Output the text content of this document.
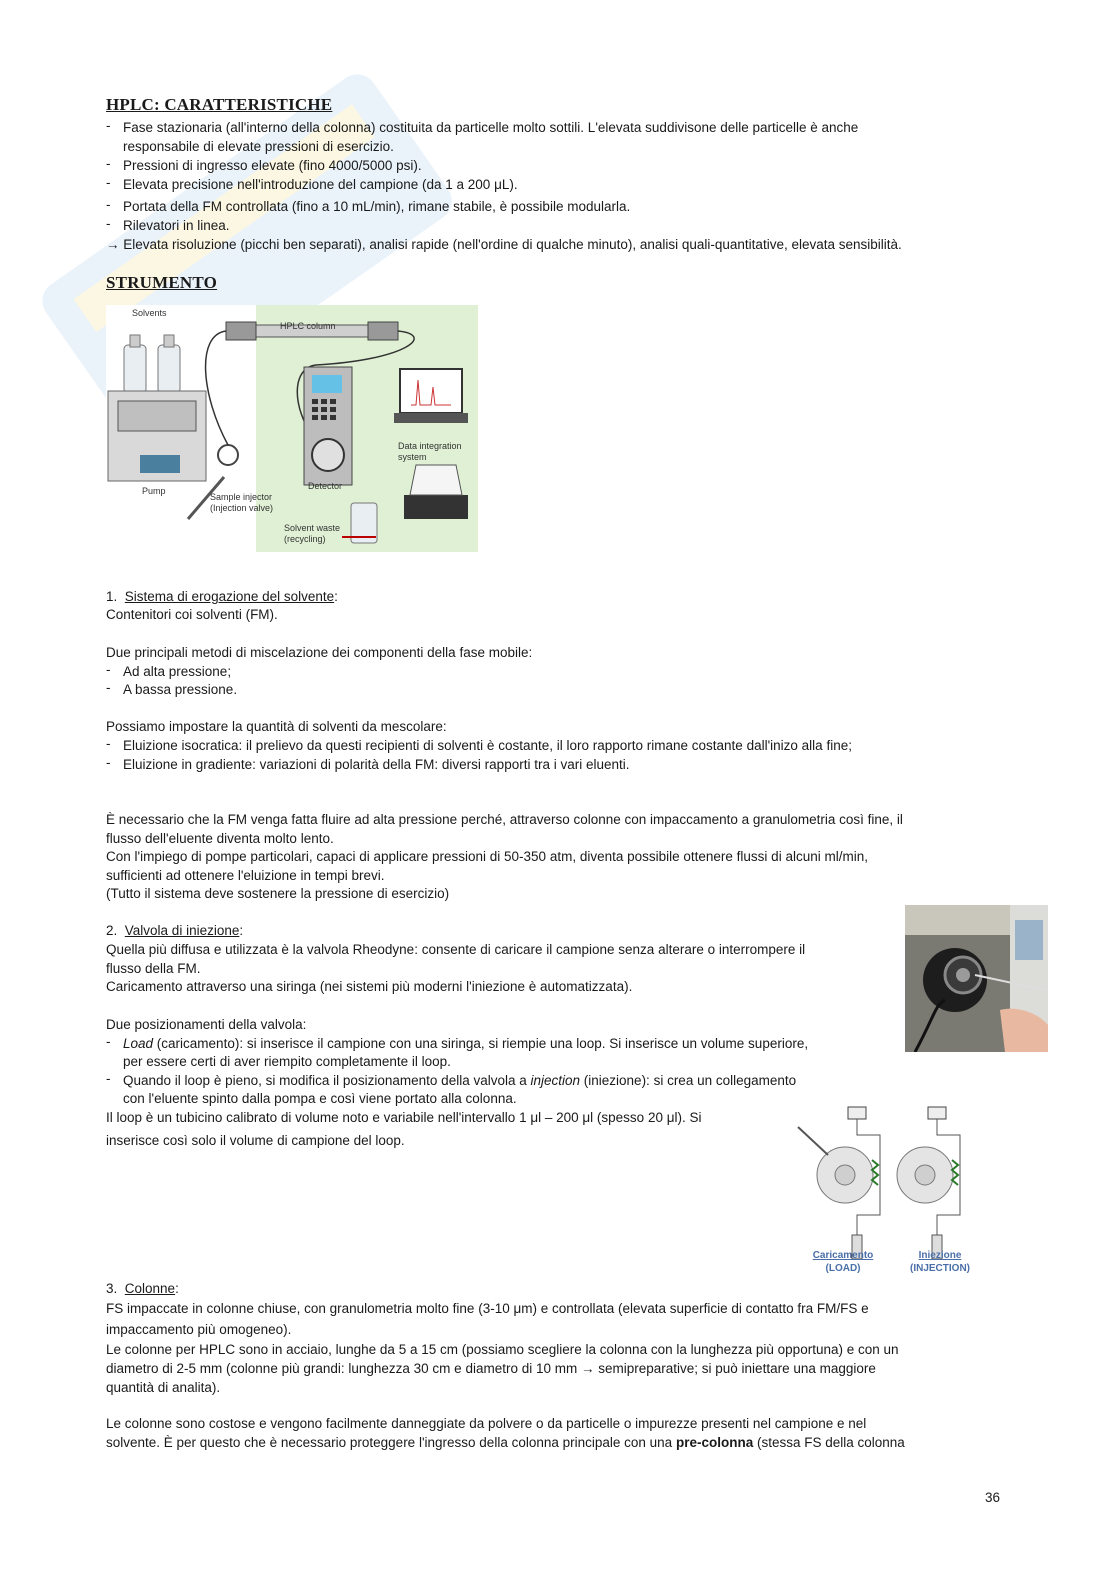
HPLC: CARATTERISTICHE
- Fase stazionaria (all'interno della colonna) costituita da particelle molto sottili. L'elevata suddivisone delle particelle è anche
responsabile di elevate pressioni di esercizio.
- Pressioni di ingresso elevate (fino 4000/5000 psi).
- Elevata precisione nell'introduzione del campione (da 1 a 200 μL).
- Portata della FM controllata (fino a 10 mL/min), rimane stabile, è possibile modularla.
- Rilevatori in linea.
→ Elevata risoluzione (picchi ben separati), analisi rapide (nell'ordine di qualche minuto), analisi quali-quantitative, elevata sensibilità.
STRUMENTO
Solvents
HPLC column
Pump
Sample injector
(Injection valve)
Detector
Solvent waste
(recycling)
Data integration
system
1. Sistema di erogazione del solvente:
Contenitori coi solventi (FM).
Due principali metodi di miscelazione dei componenti della fase mobile:
- Ad alta pressione;
- A bassa pressione.
Possiamo impostare la quantità di solventi da mescolare:
- Eluizione isocratica: il prelievo da questi recipienti di solventi è costante, il loro rapporto rimane costante dall'inizo alla fine;
- Eluizione in gradiente: variazioni di polarità della FM: diversi rapporti tra i vari eluenti.
È necessario che la FM venga fatta fluire ad alta pressione perché, attraverso colonne con impaccamento a granulometria così fine, il
flusso dell'eluente diventa molto lento.
Con l'impiego di pompe particolari, capaci di applicare pressioni di 50-350 atm, diventa possibile ottenere flussi di alcuni ml/min,
sufficienti ad ottenere l'eluizione in tempi brevi.
(Tutto il sistema deve sostenere la pressione di esercizio)
2. Valvola di iniezione:
Quella più diffusa e utilizzata è la valvola Rheodyne: consente di caricare il campione senza alterare o interrompere il
flusso della FM.
Caricamento attraverso una siringa (nei sistemi più moderni l'iniezione è automatizzata).
Due posizionamenti della valvola:
- Load (caricamento): si inserisce il campione con una siringa, si riempie una loop. Si inserisce un volume superiore,
per essere certi di aver riempito completamente il loop.
- Quando il loop è pieno, si modifica il posizionamento della valvola a injection (iniezione): si crea un collegamento
con l'eluente spinto dalla pompa e così viene portato alla colonna.
Il loop è un tubicino calibrato di volume noto e variabile nell'intervallo 1 μl – 200 μl (spesso 20 μl). Si
inserisce così solo il volume di campione del loop.
Caricamento
(LOAD)
Iniezione
(INJECTION)
3. Colonne:
FS impaccate in colonne chiuse, con granulometria molto fine (3-10 μm) e controllata (elevata superficie di contatto fra FM/FS e
impaccamento più omogeneo).
Le colonne per HPLC sono in acciaio, lunghe da 5 a 15 cm (possiamo scegliere la colonna con la lunghezza più opportuna) e con un
diametro di 2-5 mm (colonne più grandi: lunghezza 30 cm e diametro di 10 mm → semipreparative; si può iniettare una maggiore
quantità di analita).
Le colonne sono costose e vengono facilmente danneggiate da polvere o da particelle o impurezze presenti nel campione e nel
solvente. È per questo che è necessario proteggere l'ingresso della colonna principale con una pre-colonna (stessa FS della colonna
36
